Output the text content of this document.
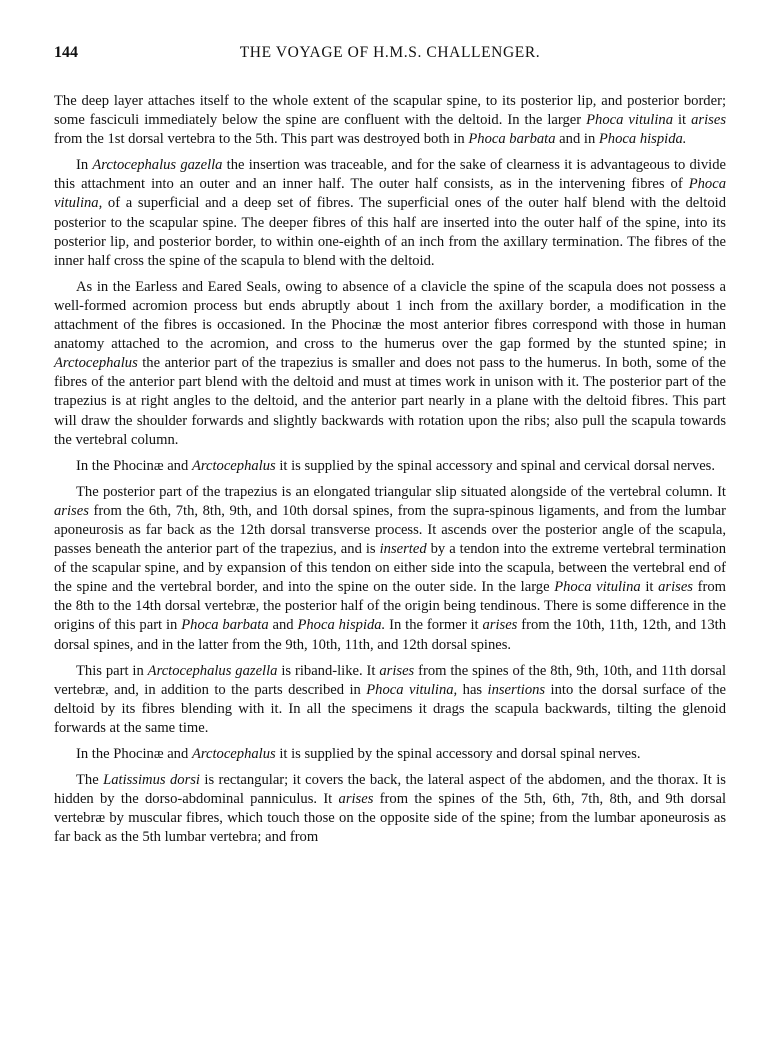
144	THE VOYAGE OF H.M.S. CHALLENGER.

The deep layer attaches itself to the whole extent of the scapular spine, to its posterior lip, and posterior border; some fasciculi immediately below the spine are confluent with the deltoid. In the larger Phoca vitulina it arises from the 1st dorsal vertebra to the 5th. This part was destroyed both in Phoca barbata and in Phoca hispida.

In Arctocephalus gazella the insertion was traceable, and for the sake of clearness it is advantageous to divide this attachment into an outer and an inner half. The outer half consists, as in the intervening fibres of Phoca vitulina, of a superficial and a deep set of fibres. The superficial ones of the outer half blend with the deltoid posterior to the scapular spine. The deeper fibres of this half are inserted into the outer half of the spine, into its posterior lip, and posterior border, to within one-eighth of an inch from the axillary termination. The fibres of the inner half cross the spine of the scapula to blend with the deltoid.

As in the Earless and Eared Seals, owing to absence of a clavicle the spine of the scapula does not possess a well-formed acromion process but ends abruptly about 1 inch from the axillary border, a modification in the attachment of the fibres is occasioned. In the Phocinæ the most anterior fibres correspond with those in human anatomy attached to the acromion, and cross to the humerus over the gap formed by the stunted spine; in Arctocephalus the anterior part of the trapezius is smaller and does not pass to the humerus. In both, some of the fibres of the anterior part blend with the deltoid and must at times work in unison with it. The posterior part of the trapezius is at right angles to the deltoid, and the anterior part nearly in a plane with the deltoid fibres. This part will draw the shoulder forwards and slightly backwards with rotation upon the ribs; also pull the scapula towards the vertebral column.

In the Phocinæ and Arctocephalus it is supplied by the spinal accessory and spinal and cervical dorsal nerves.

The posterior part of the trapezius is an elongated triangular slip situated alongside of the vertebral column. It arises from the 6th, 7th, 8th, 9th, and 10th dorsal spines, from the supra-spinous ligaments, and from the lumbar aponeurosis as far back as the 12th dorsal transverse process. It ascends over the posterior angle of the scapula, passes beneath the anterior part of the trapezius, and is inserted by a tendon into the extreme vertebral termination of the scapular spine, and by expansion of this tendon on either side into the scapula, between the vertebral end of the spine and the vertebral border, and into the spine on the outer side. In the large Phoca vitulina it arises from the 8th to the 14th dorsal vertebræ, the posterior half of the origin being tendinous. There is some difference in the origins of this part in Phoca barbata and Phoca hispida. In the former it arises from the 10th, 11th, 12th, and 13th dorsal spines, and in the latter from the 9th, 10th, 11th, and 12th dorsal spines.

This part in Arctocephalus gazella is riband-like. It arises from the spines of the 8th, 9th, 10th, and 11th dorsal vertebræ, and, in addition to the parts described in Phoca vitulina, has insertions into the dorsal surface of the deltoid by its fibres blending with it. In all the specimens it drags the scapula backwards, tilting the glenoid forwards at the same time.

In the Phocinæ and Arctocephalus it is supplied by the spinal accessory and dorsal spinal nerves.

The Latissimus dorsi is rectangular; it covers the back, the lateral aspect of the abdomen, and the thorax. It is hidden by the dorso-abdominal panniculus. It arises from the spines of the 5th, 6th, 7th, 8th, and 9th dorsal vertebræ by muscular fibres, which touch those on the opposite side of the spine; from the lumbar aponeurosis as far back as the 5th lumbar vertebra; and from
